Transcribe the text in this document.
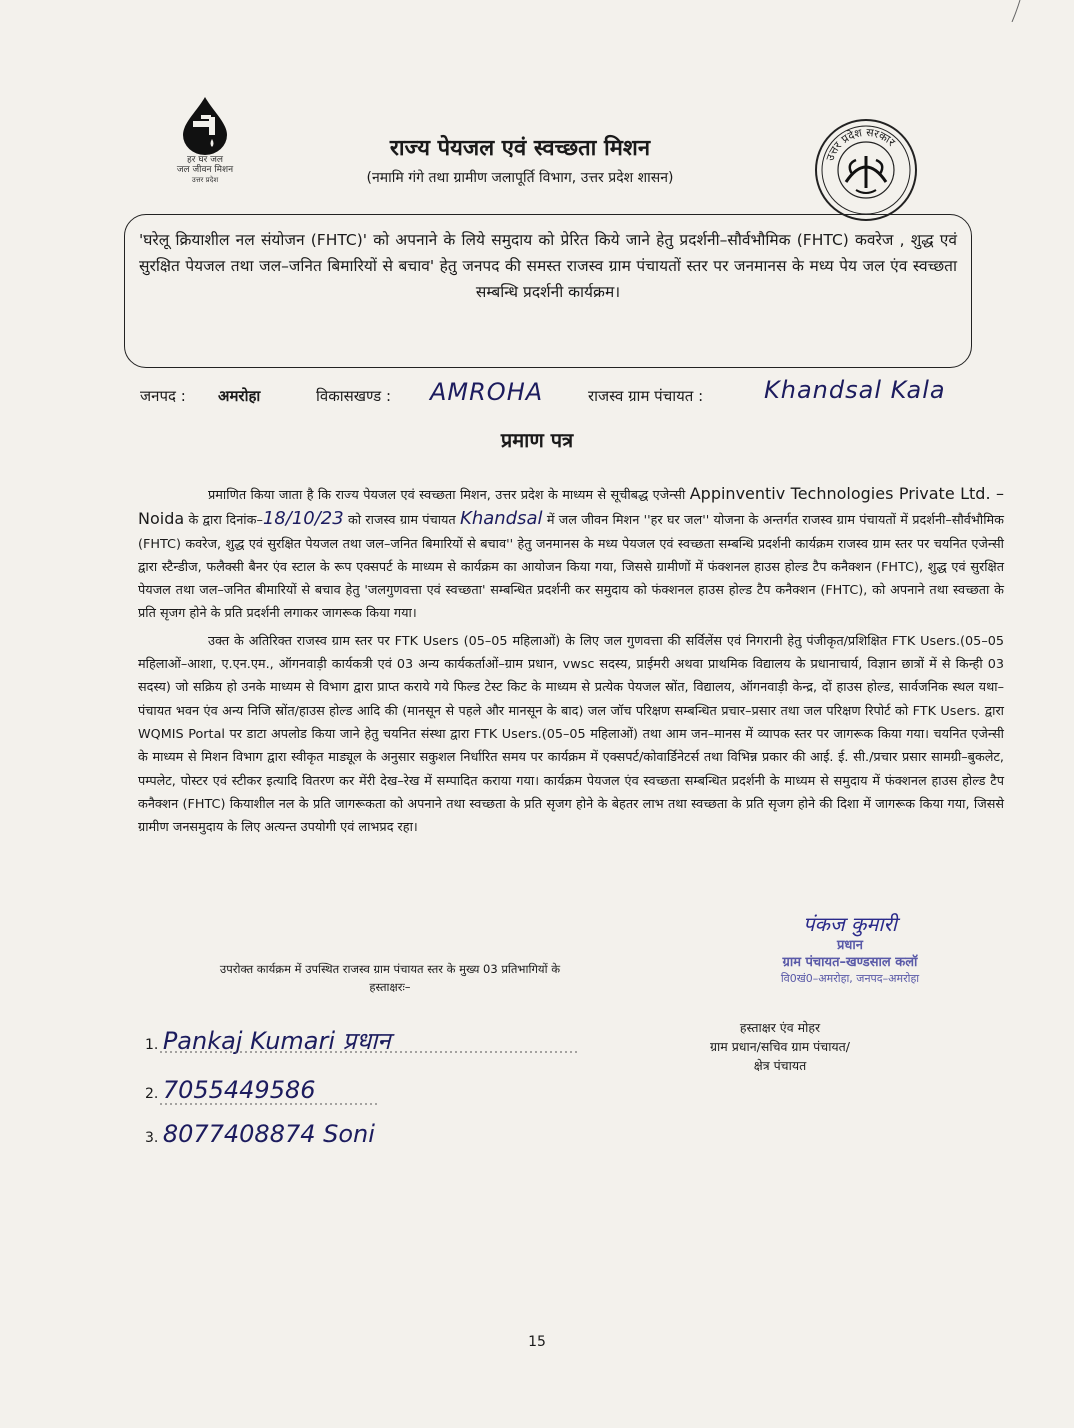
हर घर जल
जल जीवन मिशन
उत्तर प्रदेश
राज्य पेयजल एवं स्वच्छता मिशन
(नमामि गंगे तथा ग्रामीण जलापूर्ति विभाग, उत्तर प्रदेश शासन)
उत्तर प्रदेश सरकार

'घरेलू क्रियाशील नल संयोजन (FHTC)' को अपनाने के लिये समुदाय को प्रेरित किये जाने हेतु प्रदर्शनी–सौर्वभौमिक (FHTC) कवरेज , शुद्ध एवं सुरक्षित पेयजल तथा जल–जनित बिमारियों से बचाव' हेतु जनपद की समस्त राजस्व ग्राम पंचायतों स्तर पर जनमानस के मध्य पेय जल एंव स्वच्छता सम्बन्धि प्रदर्शनी कार्यक्रम।

जनपद : अमरोहा	विकासखण्ड : AMROHA	राजस्व ग्राम पंचायत :	Khandsal Kala
प्रमाण पत्र

प्रमाणित किया जाता है कि राज्य पेयजल एवं स्वच्छता मिशन, उत्तर प्रदेश के माध्यम से सूचीबद्ध एजेन्सी Appinventiv Technologies Private Ltd. – Noida के द्वारा दिनांक–18/10/23 को राजस्व ग्राम पंचायत Khandsal में जल जीवन मिशन ''हर घर जल'' योजना के अन्तर्गत राजस्व ग्राम पंचायतों में प्रदर्शनी–सौर्वभौमिक (FHTC) कवरेज, शुद्ध एवं सुरक्षित पेयजल तथा जल–जनित बिमारियों से बचाव'' हेतु जनमानस के मध्य पेयजल एवं स्वच्छता सम्बन्धि प्रदर्शनी कार्यक्रम राजस्व ग्राम स्तर पर चयनित एजेन्सी द्वारा स्टैन्डीज, फलैक्सी बैनर एंव स्टाल के रूप एक्सपर्ट के माध्यम से कार्यक्रम का आयोजन किया गया, जिससे ग्रामीणों में फंक्शनल हाउस होल्ड टैप कनैक्शन (FHTC), शुद्ध एवं सुरक्षित पेयजल तथा जल–जनित बीमारियों से बचाव हेतु 'जलगुणवत्ता एवं स्वच्छता' सम्बन्धित प्रदर्शनी कर समुदाय को फंक्शनल हाउस होल्ड टैप कनैक्शन (FHTC), को अपनाने तथा स्वच्छता के प्रति सृजग होने के प्रति प्रदर्शनी लगाकर जागरूक किया गया।

उक्त के अतिरिक्त राजस्व ग्राम स्तर पर FTK Users (05–05 महिलाओं) के लिए जल गुणवत्ता की सर्विलेंस एवं निगरानी हेतु पंजीकृत/प्रशिक्षित FTK Users.(05–05 महिलाओं–आशा, ए.एन.एम., ऑगनवाड़ी कार्यकत्री एवं 03 अन्य कार्यकर्ताओं–ग्राम प्रधान, vwsc सदस्य, प्राईमरी अथवा प्राथमिक विद्यालय के प्रधानाचार्य, विज्ञान छात्रों में से किन्ही 03 सदस्य) जो सक्रिय हो उनके माध्यम से विभाग द्वारा प्राप्त कराये गये फिल्ड टेस्ट किट के माध्यम से प्रत्येक पेयजल स्रोंत, विद्यालय, ऑगनवाड़ी केन्द्र, दों हाउस होल्ड, सार्वजनिक स्थल यथा–पंचायत भवन एंव अन्य निजि स्रोंत/हाउस होल्ड आदि की (मानसून से पहले और मानसून के बाद) जल जॉच परिक्षण सम्बन्धित प्रचार–प्रसार तथा जल परिक्षण रिपोर्ट को FTK Users. द्वारा WQMIS Portal पर डाटा अपलोड किया जाने हेतु चयनित संस्था द्वारा FTK Users.(05–05 महिलाओं) तथा आम जन–मानस में व्यापक स्तर पर जागरूक किया गया। चयनित एजेन्सी के माध्यम से मिशन विभाग द्वारा स्वीकृत माड्यूल के अनुसार सकुशल निर्धारित समय पर कार्यक्रम में एक्सपर्ट/कोवार्डिनेटर्स तथा विभिन्न प्रकार की आई. ई. सी./प्रचार प्रसार सामग्री–बुकलेट, पम्पलेट, पोस्टर एवं स्टीकर इत्यादि वितरण कर मेंरी देख–रेख में सम्पादित कराया गया। कार्यक्रम पेयजल एंव स्वच्छता सम्बन्धित प्रदर्शनी के माध्यम से समुदाय में फंक्शनल हाउस होल्ड टैप कनैक्शन (FHTC) कियाशील नल के प्रति जागरूकता को अपनाने तथा स्वच्छता के प्रति सृजग होने के बेहतर लाभ तथा स्वच्छता के प्रति सृजग होने की दिशा में जागरूक किया गया, जिससे ग्रामीण जनसमुदाय के लिए अत्यन्त उपयोगी एवं लाभप्रद रहा।

पंकज कुमारी
प्रधान
ग्राम पंचायत–खण्डसाल कलॉ
वि0खं0–अमरोहा, जनपद–अमरोहा
उपरोक्त कार्यक्रम में उपस्थित राजस्व ग्राम पंचायत स्तर के मुख्य 03 प्रतिभागियों के
हस्ताक्षरः–
हस्ताक्षर एंव मोहर
ग्राम प्रधान/सचिव ग्राम पंचायत/
क्षेत्र पंचायत
1. Pankaj Kumari प्रधान
2. 7055449586
3. 8077408874 Soni
15
